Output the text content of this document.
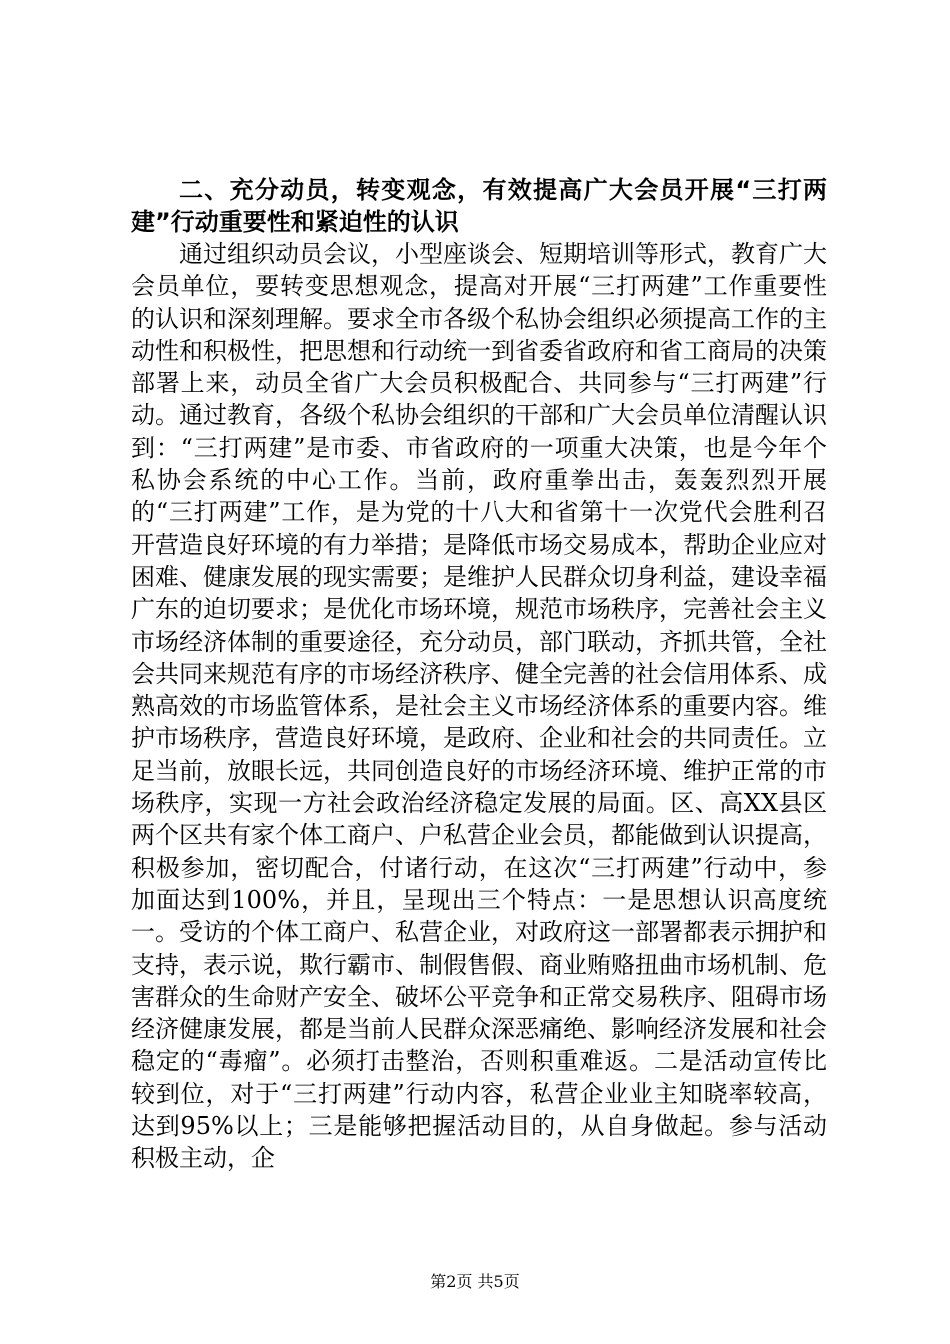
二、充分动员，转变观念，有效提高广大会员开展“三打两建”行动重要性和紧迫性的认识

通过组织动员会议，小型座谈会、短期培训等形式，教育广大会员单位，要转变思想观念，提高对开展“三打两建”工作重要性的认识和深刻理解。要求全市各级个私协会组织必须提高工作的主动性和积极性，把思想和行动统一到省委省政府和省工商局的决策部署上来，动员全省广大会员积极配合、共同参与“三打两建”行动。通过教育，各级个私协会组织的干部和广大会员单位清醒认识到：“三打两建”是市委、市省政府的一项重大决策，也是今年个私协会系统的中心工作。当前，政府重拳出击，轰轰烈烈开展的“三打两建”工作，是为党的十八大和省第十一次党代会胜利召开营造良好环境的有力举措；是降低市场交易成本，帮助企业应对困难、健康发展的现实需要；是维护人民群众切身利益，建设幸福广东的迫切要求；是优化市场环境，规范市场秩序，完善社会主义市场经济体制的重要途径，充分动员，部门联动，齐抓共管，全社会共同来规范有序的市场经济秩序、健全完善的社会信用体系、成熟高效的市场监管体系，是社会主义市场经济体系的重要内容。维护市场秩序，营造良好环境，是政府、企业和社会的共同责任。立足当前，放眼长远，共同创造良好的市场经济环境、维护正常的市场秩序，实现一方社会政治经济稳定发展的局面。区、高XX县区两个区共有家个体工商户、户私营企业会员，都能做到认识提高，积极参加，密切配合，付诸行动，在这次“三打两建”行动中，参加面达到100%，并且，呈现出三个特点：一是思想认识高度统一。受访的个体工商户、私营企业，对政府这一部署都表示拥护和支持，表示说，欺行霸市、制假售假、商业贿赂扭曲市场机制、危害群众的生命财产安全、破坏公平竞争和正常交易秩序、阻碍市场经济健康发展，都是当前人民群众深恶痛绝、影响经济发展和社会稳定的“毒瘤”。必须打击整治，否则积重难返。二是活动宣传比较到位，对于“三打两建”行动内容，私营企业业主知晓率较高，达到95%以上；三是能够把握活动目的，从自身做起。参与活动积极主动，企

第2页 共5页
